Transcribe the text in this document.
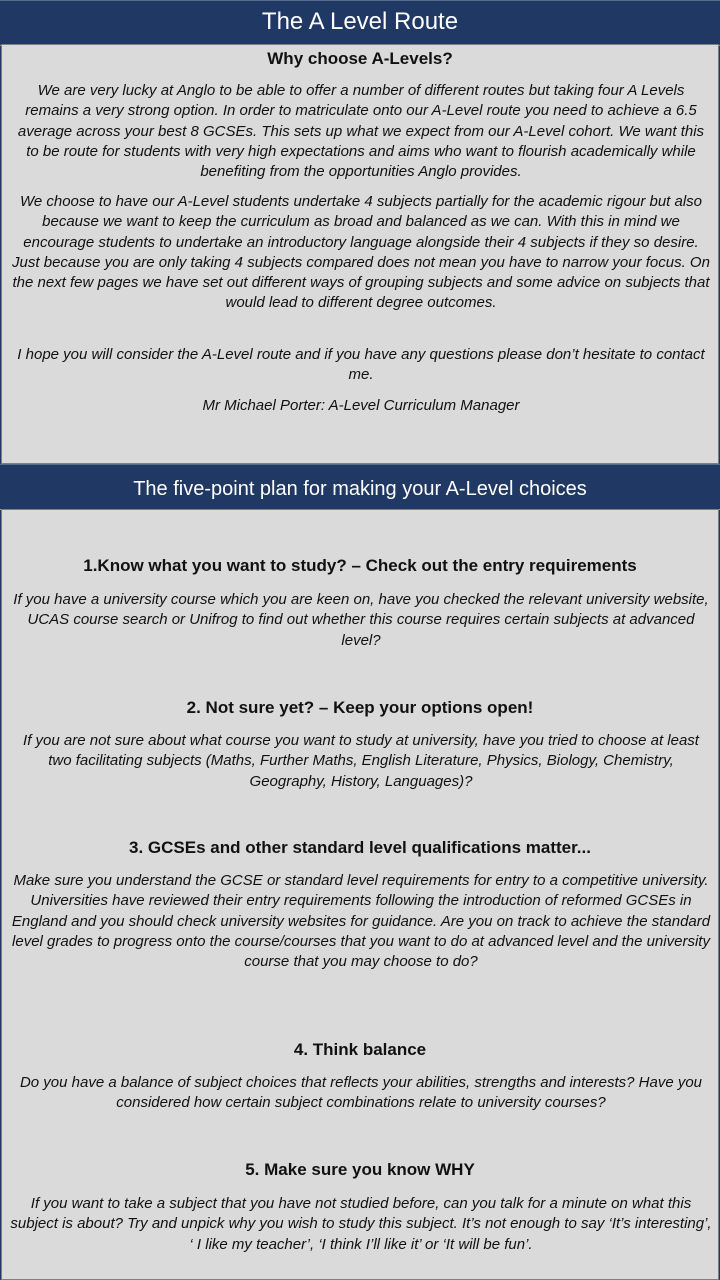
The A Level Route
Why choose A-Levels?
We are very lucky at Anglo to be able to offer a number of different routes but taking four A Levels remains a very strong option. In order to matriculate onto our A-Level route you need to achieve a 6.5 average across your best 8 GCSEs. This sets up what we expect from our A-Level cohort. We want this to be route for students with very high expectations and aims who want to flourish academically while benefiting from the opportunities Anglo provides.
We choose to have our A-Level students undertake 4 subjects partially for the academic rigour but also because we want to keep the curriculum as broad and balanced as we can. With this in mind we encourage students to undertake an introductory language alongside their 4 subjects if they so desire. Just because you are only taking 4 subjects compared does not mean you have to narrow your focus. On the next few pages we have set out different ways of grouping subjects and some advice on subjects that would lead to different degree outcomes.
I hope you will consider the A-Level route and if you have any questions please don’t hesitate to contact me.
Mr Michael Porter: A-Level Curriculum Manager
The five-point plan for making your A-Level choices
1.Know what you want to study? – Check out the entry requirements
If you have a university course which you are keen on, have you checked the relevant university website, UCAS course search or Unifrog to find out whether this course requires certain subjects at advanced level?
2. Not sure yet? – Keep your options open!
If you are not sure about what course you want to study at university, have you tried to choose at least two facilitating subjects (Maths, Further Maths, English Literature, Physics, Biology, Chemistry, Geography, History, Languages)?
3. GCSEs and other standard level qualifications matter...
Make sure you understand the GCSE or standard level requirements for entry to a competitive university. Universities have reviewed their entry requirements following the introduction of reformed GCSEs in England and you should check university websites for guidance. Are you on track to achieve the standard level grades to progress onto the course/courses that you want to do at advanced level and the university course that you may choose to do?
4. Think balance
Do you have a balance of subject choices that reflects your abilities, strengths and interests? Have you considered how certain subject combinations relate to university courses?
5. Make sure you know WHY
If you want to take a subject that you have not studied before, can you talk for a minute on what this subject is about? Try and unpick why you wish to study this subject. It’s not enough to say ‘It’s interesting’, ‘ I like my teacher’, ‘I think I’ll like it’ or ‘It will be fun’.
